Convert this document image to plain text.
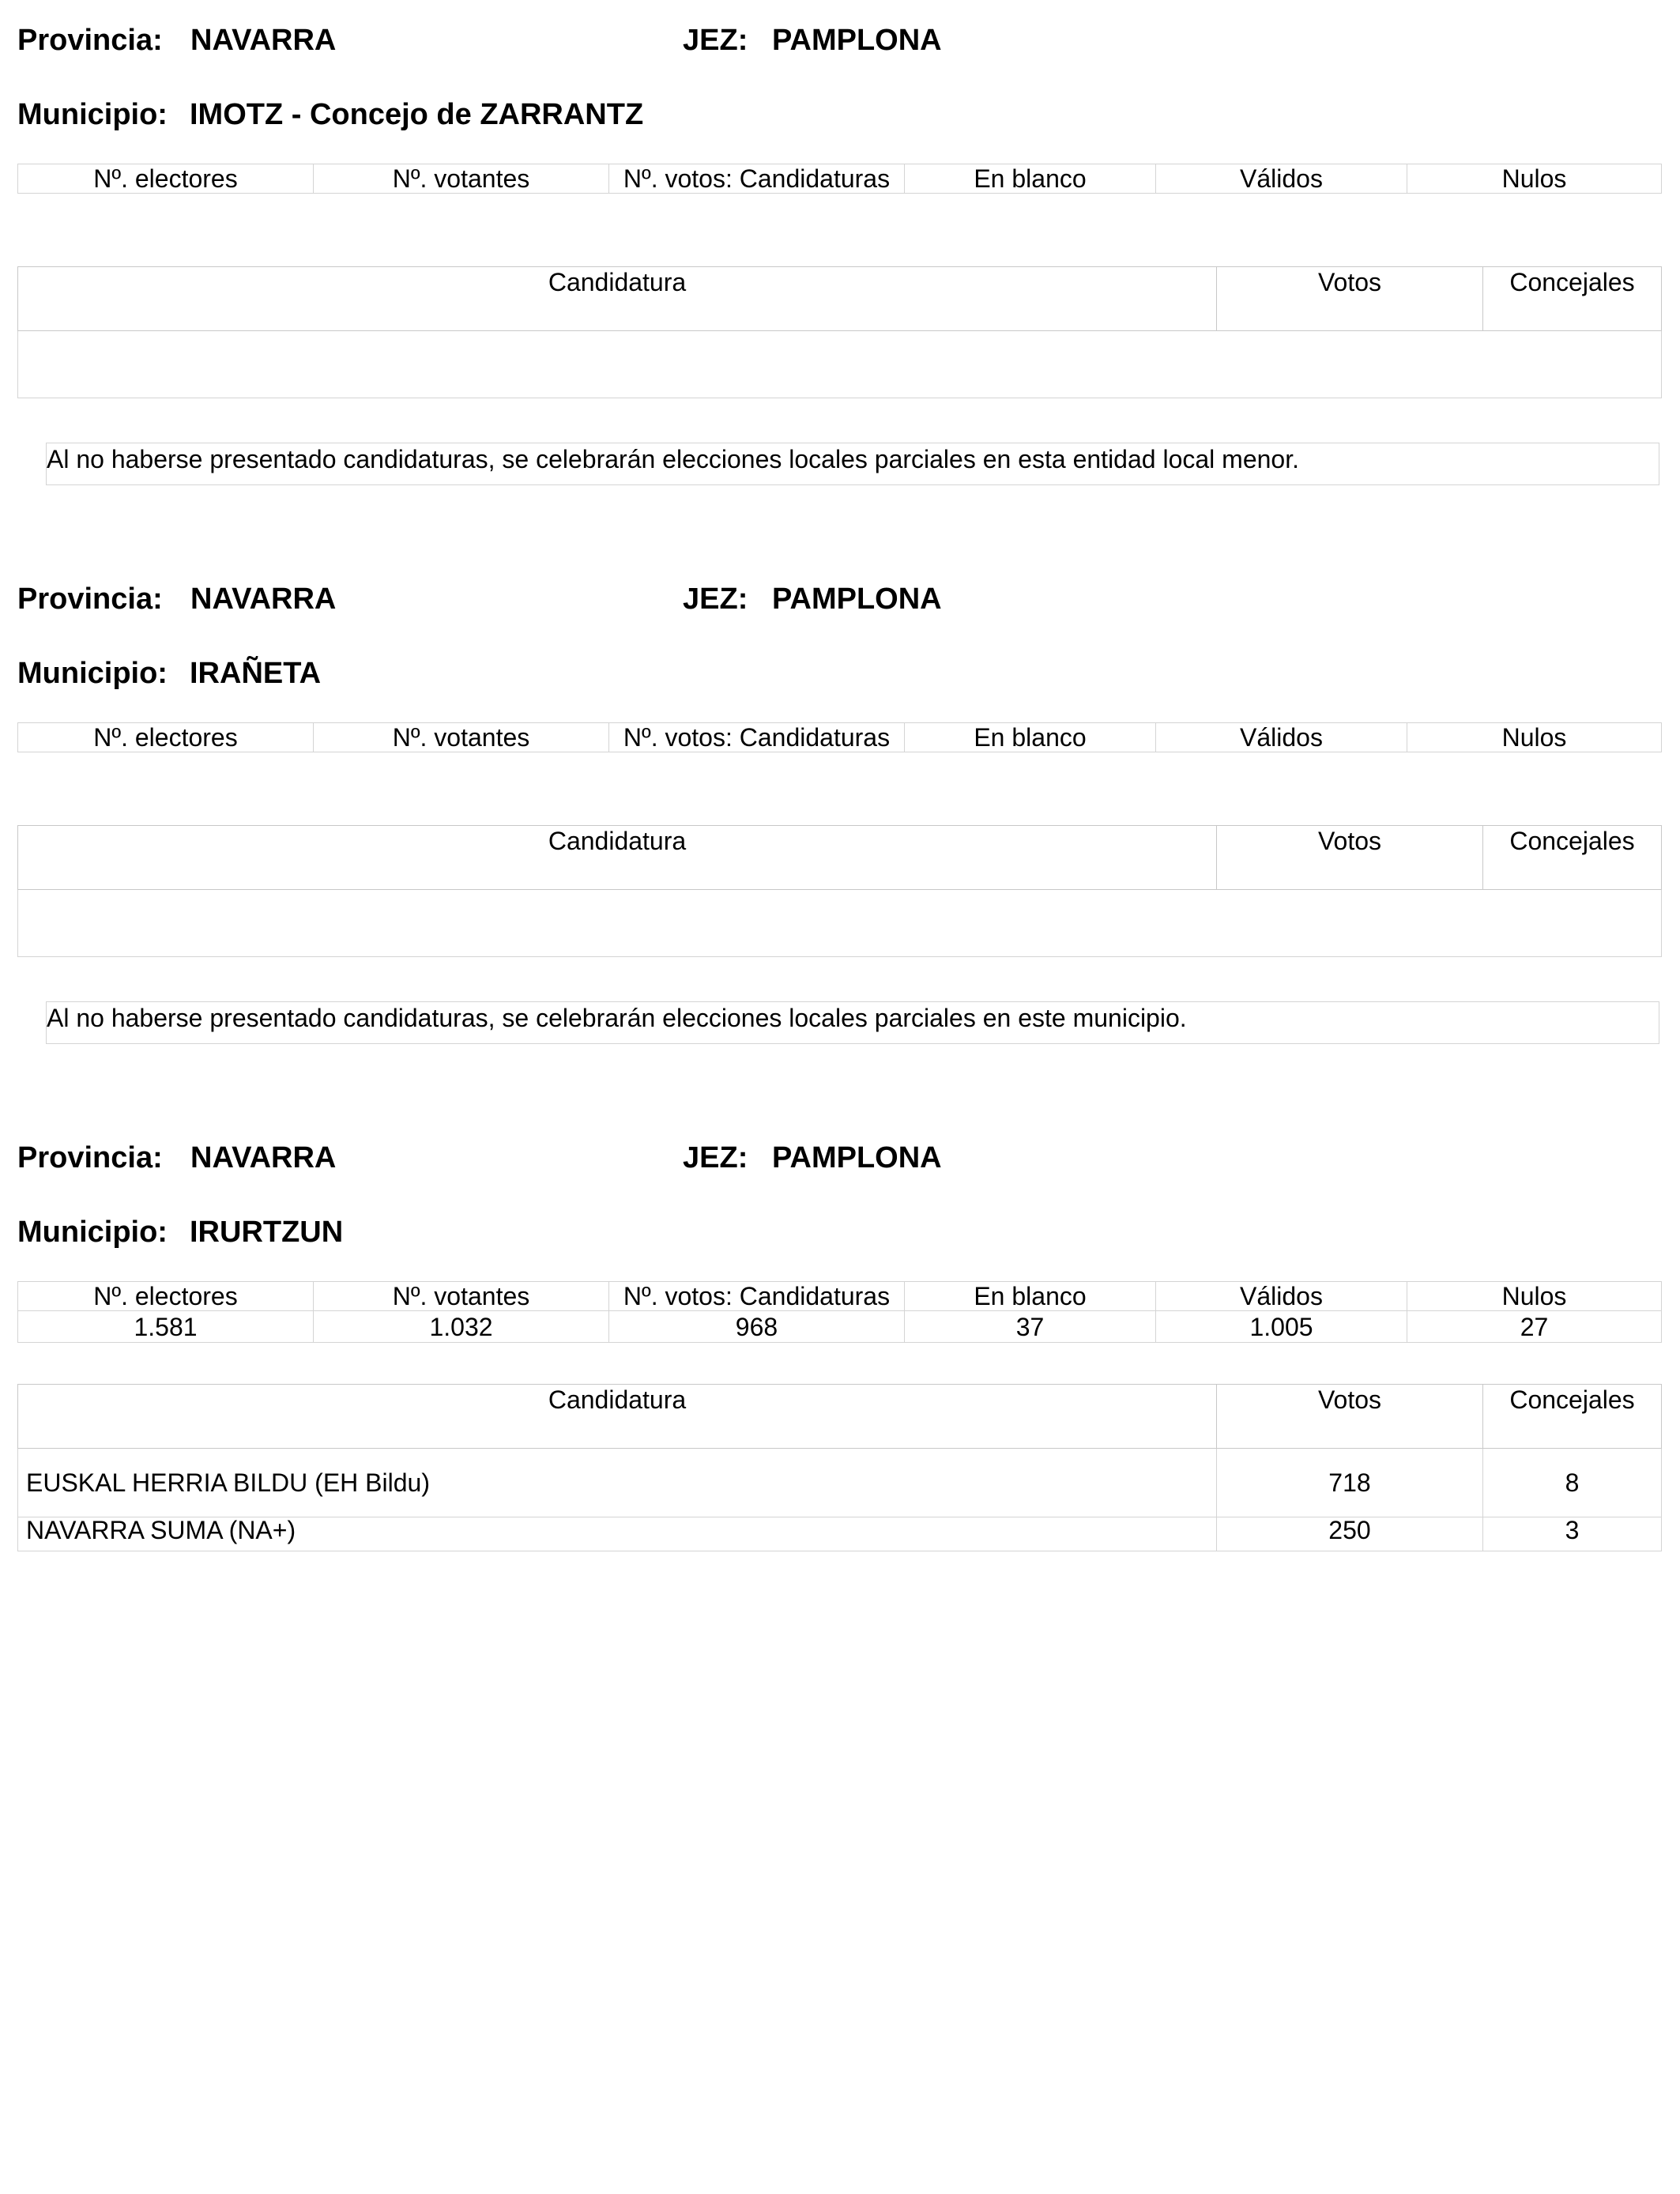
Provincia: NAVARRA	JEZ: PAMPLONA
Municipio: IMOTZ - Concejo de ZARRANTZ
Nº. electores	Nº. votantes	Nº. votos: Candidaturas	En blanco	Válidos	Nulos
Candidatura	Votos	Concejales

Al no haberse presentado candidaturas, se celebrarán elecciones locales parciales en esta entidad local menor.
Provincia: NAVARRA	JEZ: PAMPLONA
Municipio: IRAÑETA
Nº. electores	Nº. votantes	Nº. votos: Candidaturas	En blanco	Válidos	Nulos
Candidatura	Votos	Concejales

Al no haberse presentado candidaturas, se celebrarán elecciones locales parciales en este municipio.
Provincia: NAVARRA	JEZ: PAMPLONA
Municipio: IRURTZUN
Nº. electores	Nº. votantes	Nº. votos: Candidaturas	En blanco	Válidos	Nulos
1.581	1.032	968	37	1.005	27
Candidatura	Votos	Concejales
EUSKAL HERRIA BILDU (EH Bildu)	718	8
NAVARRA SUMA (NA+)	250	3
